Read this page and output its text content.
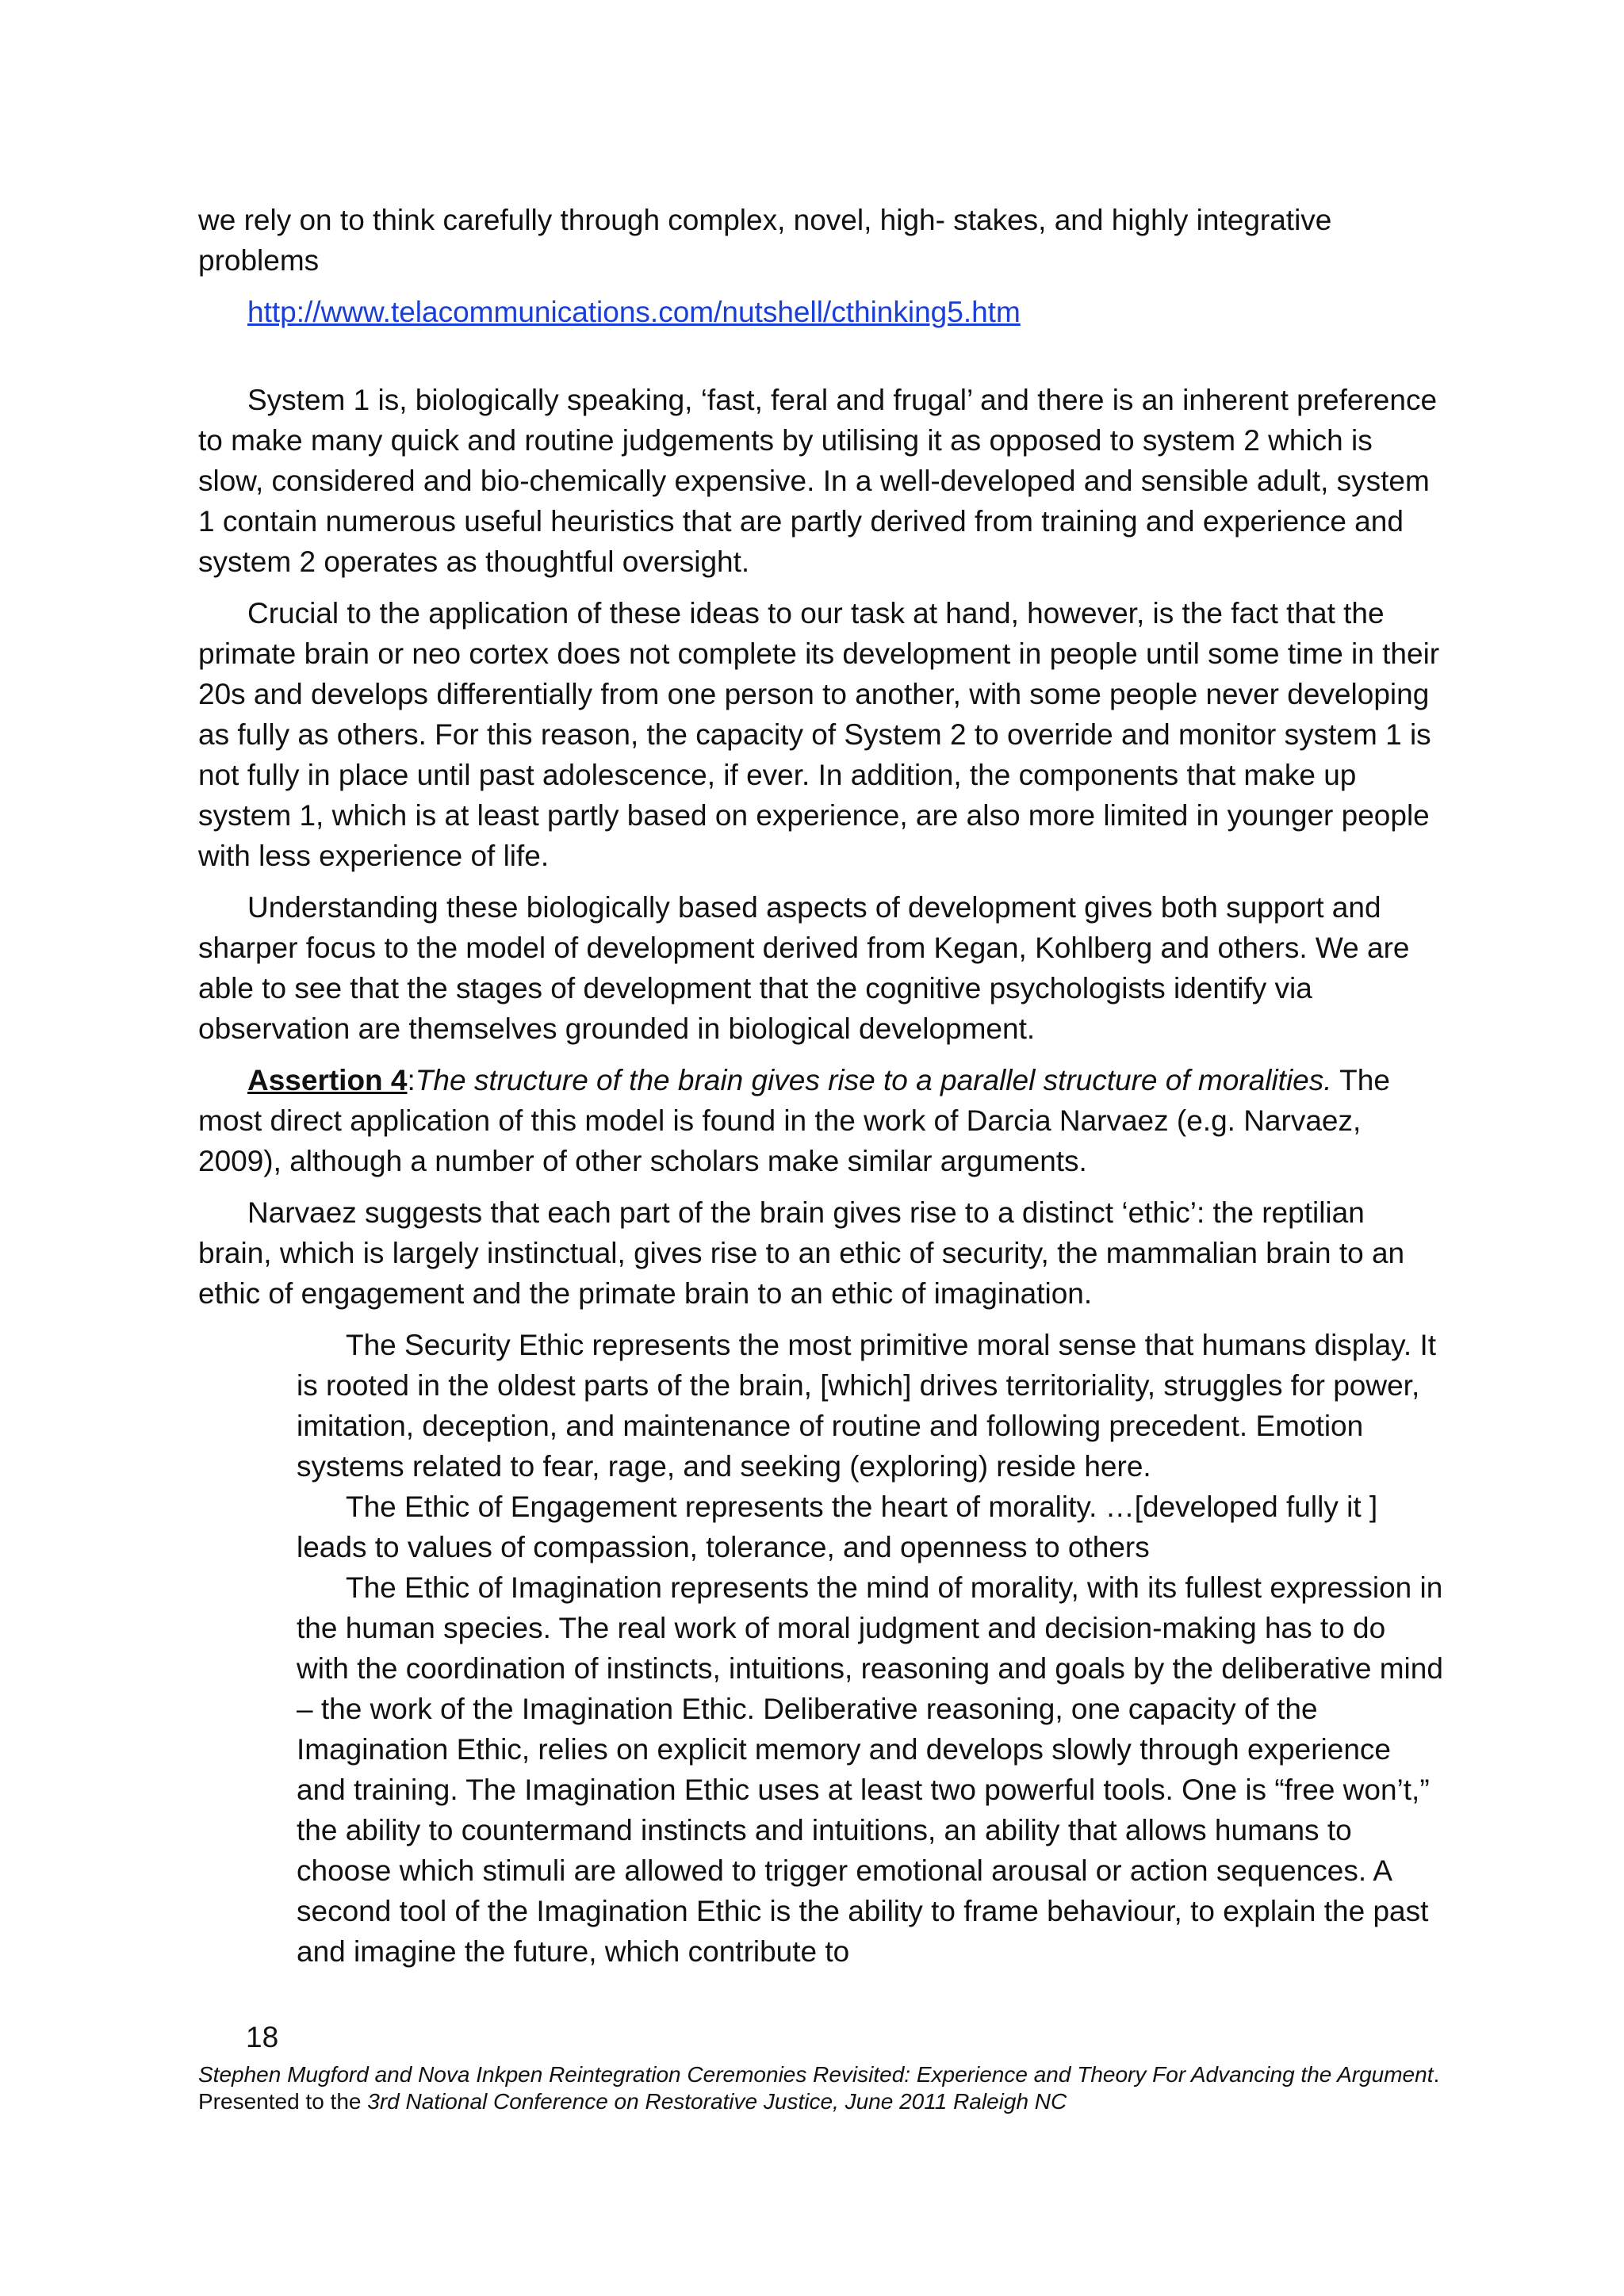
we rely on to think carefully through complex, novel, high- stakes, and highly integrative problems

http://www.telacommunications.com/nutshell/cthinking5.htm

System 1 is, biologically speaking, ‘fast, feral and frugal’ and there is an inherent preference to make many quick and routine judgements by utilising it as opposed to system 2 which is slow, considered and bio-chemically expensive. In a well-developed and sensible adult, system 1 contain numerous useful heuristics that are partly derived from training and experience and system 2 operates as thoughtful oversight.

Crucial to the application of these ideas to our task at hand, however, is the fact that the primate brain or neo cortex does not complete its development in people until some time in their 20s and develops differentially from one person to another, with some people never developing as fully as others. For this reason, the capacity of System 2 to override and monitor system 1 is not fully in place until past adolescence, if ever. In addition, the components that make up system 1, which is at least partly based on experience, are also more limited in younger people with less experience of life.

Understanding these biologically based aspects of development gives both support and sharper focus to the model of development derived from Kegan, Kohlberg and others. We are able to see that the stages of development that the cognitive psychologists identify via observation are themselves grounded in biological development.

Assertion 4:The structure of the brain gives rise to a parallel structure of moralities. The most direct application of this model is found in the work of Darcia Narvaez (e.g. Narvaez, 2009), although a number of other scholars make similar arguments.

Narvaez suggests that each part of the brain gives rise to a distinct ‘ethic’: the reptilian brain, which is largely instinctual, gives rise to an ethic of security, the mammalian brain to an ethic of engagement and the primate brain to an ethic of imagination.

The Security Ethic represents the most primitive moral sense that humans display. It is rooted in the oldest parts of the brain, [which] drives territoriality, struggles for power, imitation, deception, and maintenance of routine and following precedent. Emotion systems related to fear, rage, and seeking (exploring) reside here.

The Ethic of Engagement represents the heart of morality. …[developed fully it ] leads to values of compassion, tolerance, and openness to others

The Ethic of Imagination represents the mind of morality, with its fullest expression in the human species. The real work of moral judgment and decision-making has to do with the coordination of instincts, intuitions, reasoning and goals by the deliberative mind – the work of the Imagination Ethic. Deliberative reasoning, one capacity of the Imagination Ethic, relies on explicit memory and develops slowly through experience and training. The Imagination Ethic uses at least two powerful tools. One is “free won’t,” the ability to countermand instincts and intuitions, an ability that allows humans to choose which stimuli are allowed to trigger emotional arousal or action sequences. A second tool of the Imagination Ethic is the ability to frame behaviour, to explain the past and imagine the future, which contribute to

18
Stephen Mugford and Nova Inkpen Reintegration Ceremonies Revisited: Experience and Theory For Advancing the Argument. Presented to the 3rd National Conference on Restorative Justice, June 2011 Raleigh NC
